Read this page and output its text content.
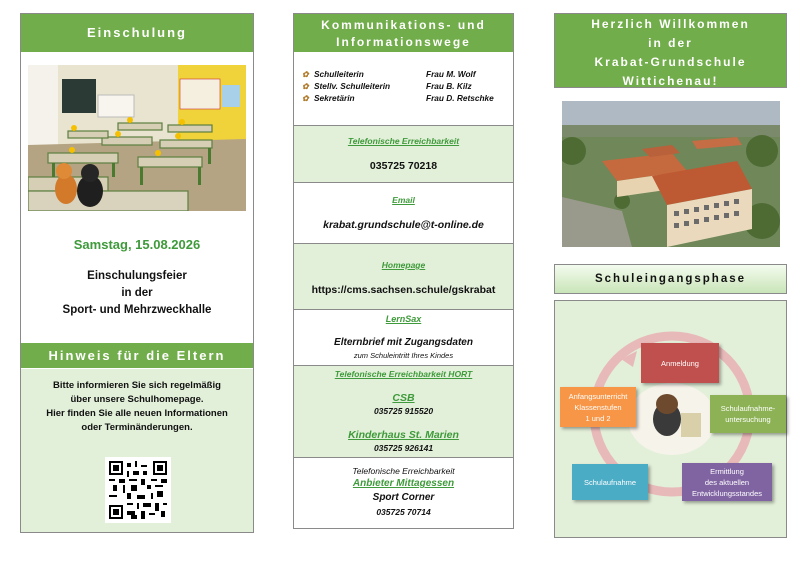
Einschulung
Samstag, 15.08.2026
Einschulungsfeier
in der
Sport- und Mehrzweckhalle
Hinweis für die Eltern
Bitte informieren Sie sich regelmäßig
über unsere Schulhomepage.
Hier finden Sie alle neuen Informationen
oder Terminänderungen.
Kommunikations- und
Informationswege
✿ Schulleiterin	Frau M. Wolf
✿ Stellv. Schulleiterin	Frau B. Kilz
✿ Sekretärin	Frau D. Retschke
Telefonische Erreichbarkeit
035725 70218
Email
krabat.grundschule@t-online.de
Homepage
https://cms.sachsen.schule/gskrabat
LernSax
Elternbrief mit Zugangsdaten
zum Schuleintritt Ihres Kindes
Telefonische Erreichbarkeit HORT
CSB
035725 915520
Kinderhaus St. Marien
035725 926141
Telefonische Erreichbarkeit
Anbieter Mittagessen
Sport Corner
035725 70714
Herzlich Willkommen
in der
Krabat-Grundschule
Wittichenau!
Schuleingangsphase
Anmeldung
Schulaufnahme-
untersuchung
Ermittlung
des aktuellen
Entwicklungsstandes
Schulaufnahme
Anfangsunterricht
Klassenstufen
1 und 2
